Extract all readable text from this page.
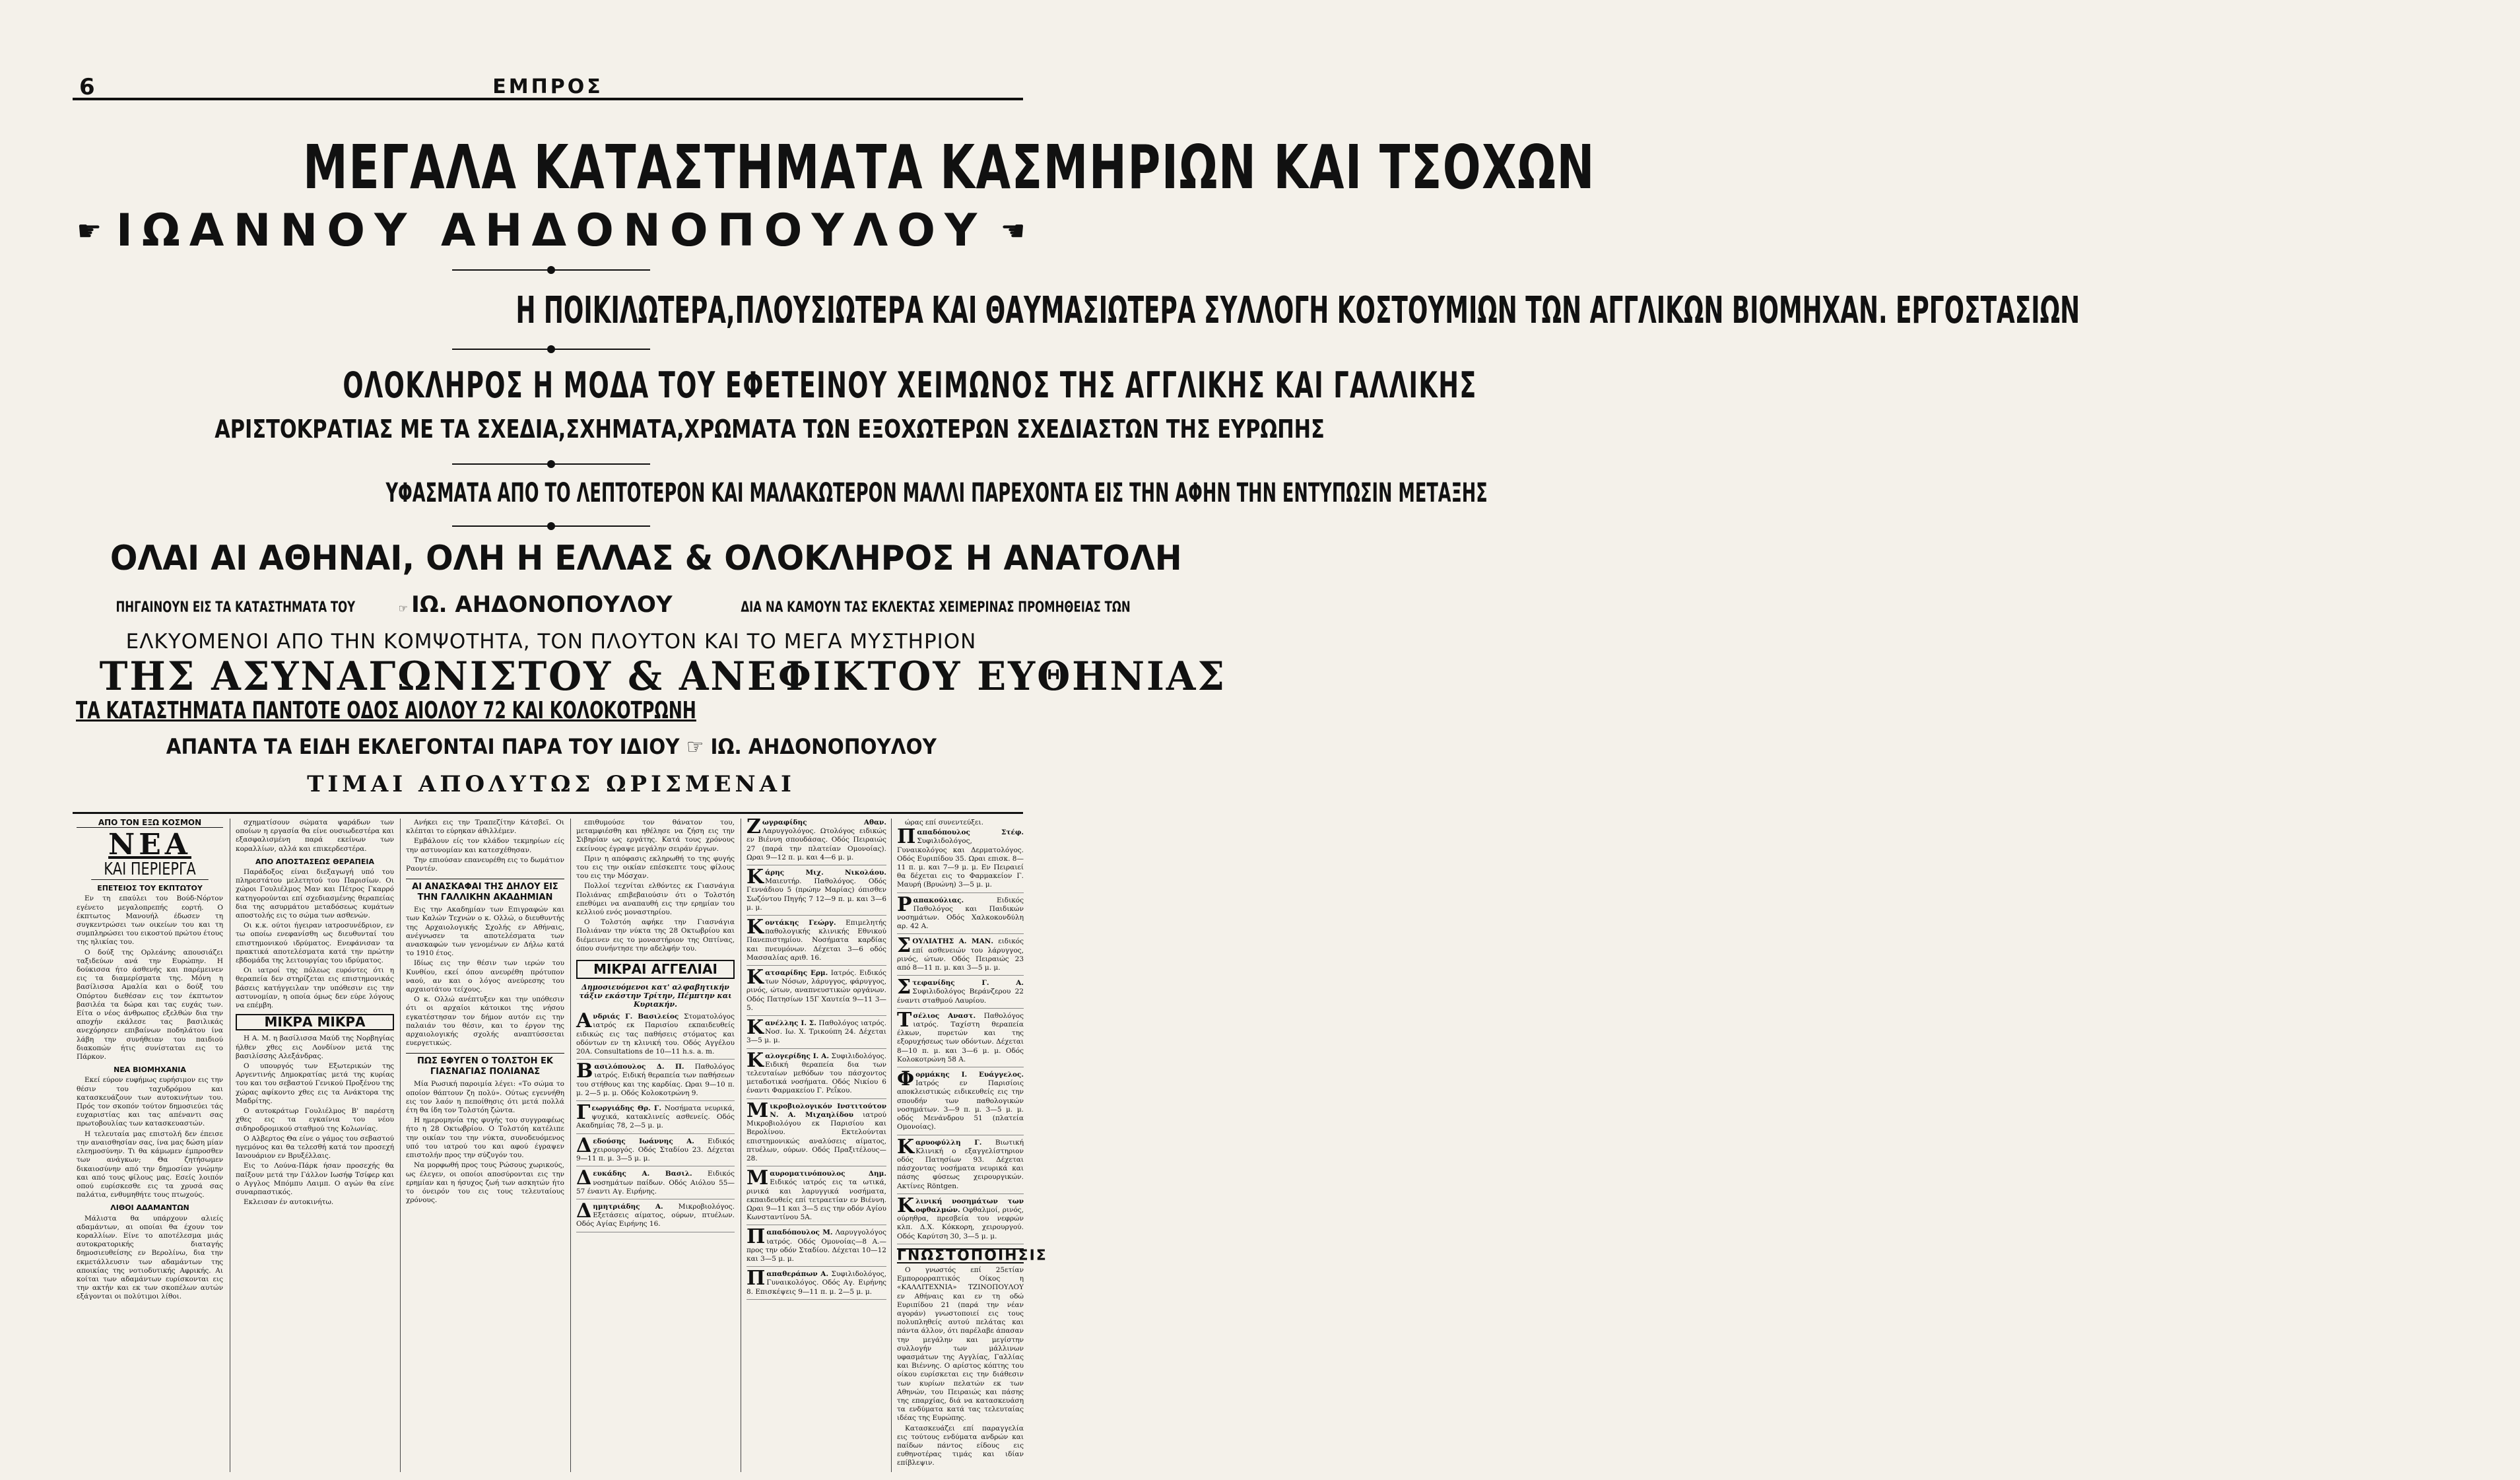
6	ΕΜΠΡΟΣ
ΜΕΓΑΛΑ ΚΑΤΑΣΤΗΜΑΤΑ ΚΑΣΜΗΡΙΩΝ ΚΑΙ ΤΣΟΧΩΝ
☛ ΙΩΑΝΝΟΥ ΑΗΔΟΝΟΠΟΥΛΟΥ ☚
Η ΠΟΙΚΙΛΩΤΕΡΑ,ΠΛΟΥΣΙΩΤΕΡΑ ΚΑΙ ΘΑΥΜΑΣΙΩΤΕΡΑ ΣΥΛΛΟΓΗ ΚΟΣΤΟΥΜΙΩΝ ΤΩΝ ΑΓΓΛΙΚΩΝ ΒΙΟΜΗΧΑΝ. ΕΡΓΟΣΤΑΣΙΩΝ
ΟΛΟΚΛΗΡΟΣ Η ΜΟΔΑ ΤΟΥ ΕΦΕΤΕΙΝΟΥ ΧΕΙΜΩΝΟΣ ΤΗΣ ΑΓΓΛΙΚΗΣ ΚΑΙ ΓΑΛΛΙΚΗΣ
ΑΡΙΣΤΟΚΡΑΤΙΑΣ ΜΕ ΤΑ ΣΧΕΔΙΑ,ΣΧΗΜΑΤΑ,ΧΡΩΜΑΤΑ ΤΩΝ ΕΞΟΧΩΤΕΡΩΝ ΣΧΕΔΙΑΣΤΩΝ ΤΗΣ ΕΥΡΩΠΗΣ
ΥΦΑΣΜΑΤΑ ΑΠΟ ΤΟ ΛΕΠΤΟΤΕΡΟΝ ΚΑΙ ΜΑΛΑΚΩΤΕΡΟΝ ΜΑΛΛΙ ΠΑΡΕΧΟΝΤΑ ΕΙΣ ΤΗΝ ΑΦΗΝ ΤΗΝ ΕΝΤΥΠΩΣΙΝ ΜΕΤΑΞΗΣ
ΟΛΑΙ ΑΙ ΑΘΗΝΑΙ, ΟΛΗ Η ΕΛΛΑΣ & ΟΛΟΚΛΗΡΟΣ Η ΑΝΑΤΟΛΗ
ΠΗΓΑΙΝΟΥΝ ΕΙΣ ΤΑ ΚΑΤΑΣΤΗΜΑΤΑ ΤΟΥ	☞ ΙΩ. ΑΗΔΟΝΟΠΟΥΛΟΥ	ΔΙΑ ΝΑ ΚΑΜΟΥΝ ΤΑΣ ΕΚΛΕΚΤΑΣ ΧΕΙΜΕΡΙΝΑΣ ΠΡΟΜΗΘΕΙΑΣ ΤΩΝ
ΕΛΚΥΟΜΕΝΟΙ ΑΠΟ ΤΗΝ ΚΟΜΨΟΤΗΤΑ, ΤΟΝ ΠΛΟΥΤΟΝ ΚΑΙ ΤΟ ΜΕΓΑ ΜΥΣΤΗΡΙΟΝ
ΤΗΣ ΑΣΥΝΑΓΩΝΙΣΤΟΥ & ΑΝΕΦΙΚΤΟΥ ΕΥΘΗΝΙΑΣ
ΤΑ ΚΑΤΑΣΤΗΜΑΤΑ ΠΑΝΤΟΤΕ ΟΔΟΣ ΑΙΟΛΟΥ 72 ΚΑΙ ΚΟΛΟΚΟΤΡΩΝΗ
ΑΠΑΝΤΑ ΤΑ ΕΙΔΗ ΕΚΛΕΓΟΝΤΑΙ ΠΑΡΑ ΤΟΥ ΙΔΙΟΥ ☞ ΙΩ. ΑΗΔΟΝΟΠΟΥΛΟΥ
ΤΙΜΑΙ ΑΠΟΛΥΤΩΣ ΩΡΙΣΜΕΝΑΙ
ΑΠΟ ΤΟΝ ΕΞΩ ΚΟΣΜΟΝ
ΝΕΑ
ΚΑΙ ΠΕΡΙΕΡΓΑ
ΕΠΕΤΕΙΟΣ ΤΟΥ ΕΚΠΤΩΤΟΥ

Εν τη επαύλει του Βούδ-Νόρτον εγένετο μεγαλοπρεπής εορτή. Ο έκπτωτος Μανουήλ έδωσεν τη συγκεντρώσει των οικείων του και τη συμπληρώσει του εικοστού πρώτου έτους της ηλικίας του.

Ο δούξ της Ορλεάνης απουσιάζει ταξιδεύων ανά την Ευρώπην. Η δούκισσα ήτο άσθενής και παρέμεινεν εις τα διαμερίσματα της. Μόνη η βασίλισσα Αμαλία και ο δούξ του Οπόρτου διεθέσαν εις τον έκπτωτον βασιλέα τα δώρα και τας ευχάς των. Είτα ο νέος άνθρωπος εξελθών δια την αποχήν εκάλεσε τας βασιλικάς ανεχόρησεν επιβαίνων ποδηλάτου ίνα λάβη την συνήθειαν του παιδιού διακοπών ήτις συνίσταται εις το Πάρκον.

ΝΕΑ ΒΙΟΜΗΧΑΝΙΑ

Εκεί εύρον ευφήμως ευρήσιμον εις την θέσιν του ταχυδρόμου και κατασκευάζουν των αυτοκινήτων του. Πρός τον σκοπόν τούτον δημοσιεύει τάς ευχαριστίας και τας απέναντι σας πρωτοβουλίας των κατασκευαστών.

Η τελευταία μας επιστολή δεν έπεισε την αναισθησίαν σας, ίνα μας δώση μίαν ελεημοσύνην. Τι θα κάμωμεν έμπροσθεν των ανάγκων; Θα ζητήσωμεν δικαιοσύνην από την δημοσίαν γνώμην και από τους φίλους μας. Εσείς λοιπόν οπού ευρίσκεσθε εις τα χρυσά σας παλάτια, ενθυμηθήτε τους πτωχούς.

ΛΙΘΟΙ ΑΔΑΜΑΝΤΩΝ

Μάλιστα θα υπάρχουν αλιείς αδαμάντων, αι οποίαι θα έχουν τον κοραλλίων. Είνε το αποτέλεσμα μιάς αυτοκρατορικής διαταγής δημοσιευθείσης εν Βερολίνω, δια την εκμετάλλευσιν των αδαμάντων της αποικίας της νοτιοδυτικής Αφρικής. Αι κοίται των αδαμάντων ευρίσκονται εις την ακτήν και εκ των σκοπέλων αυτών εξάγονται οι πολύτιμοι λίθοι.

σχηματίσουν σώματα ψαράδων των οποίων η εργασία θα είνε ουσιωδεστέρα και εξασφαλισμένη παρά εκείνων των κοραλλίων, αλλά και επικερδεστέρα.

ΑΠΟ ΑΠΟΣΤΑΣΕΩΣ ΘΕΡΑΠΕΙΑ

Παράδοξος είναι διεξαγωγή υπό του πληρεστάτου μελετητού του Παρισίων. Οι χώροι Γουλιέλμος Μαν και Πέτρος Γκαρρό κατηγορούνται επί σχεδιασμένης θεραπείας δια της ασυρμάτου μεταδόσεως κυμάτων αποστολής εις το σώμα των ασθενών.

Οι κ.κ. ούτοι ήγειραν ιατροσυνέδριον, εν τω οποίω ενεφανίσθη ως διευθυνταί του επιστημονικού ιδρύματος. Ενεφάνισαν τα πρακτικά αποτελέσματα κατά την πρώτην εβδομάδα της λειτουργίας του ιδρύματος.

Οι ιατροί της πόλεως ευρόντες ότι η θεραπεία δεν στηρίζεται εις επιστημονικάς βάσεις κατήγγειλαν την υπόθεσιν εις την αστυνομίαν, η οποία όμως δεν εύρε λόγους να επέμβη.

ΜΙΚΡΑ ΜΙΚΡΑ

Η Α. Μ. η βασίλισσα Μαύδ της Νορβηγίας ήλθεν χθες εις Λονδίνον μετά της βασιλίσσης Αλεξάνδρας.

Ο υπουργός των Εξωτερικών της Αργεντινής Δημοκρατίας μετά της κυρίας του και του σεβαστού Γενικού Προξένου της χώρας αφίκοντο χθες εις τα Ανάκτορα της Μαδρίτης.

Ο αυτοκράτωρ Γουλιέλμος Β' παρέστη χθες εις τα εγκαίνια του νέου σιδηροδρομικού σταθμού της Κολωνίας.

Ο Αλβερτος Θα είνε ο γάμος του σεβαστού ηγεμόνος και θα τελεσθή κατά τον προσεχή Ιανουάριον εν Βρυξέλλαις.

Εις το Λούνα-Πάρκ ήσαν προσεχής θα παίξουν μετά την Γάλλον Ιωσήφ Τσίφερ και ο Αγγλος Μπόμπυ Λαιμπ. Ο αγών θα είνε συναρπαστικός.

Εκλεισαν έν αυτοκινήτω.

Ανήκει εις την Τραπεζίτην Κάτσβεϊ. Οι κλέπται το εύρηκαν άθιλλέμεν.

Εμβάλουν είς τον κλάδον τεκμηρίων είς την αστυνομίαν και κατεσχέθησαν.

Την επιούσαν επανευρέθη εις το δωμάτιον Ραοντέν.

ΑΙ ΑΝΑΣΚΑΦΑΙ ΤΗΣ ΔΗΛΟΥ ΕΙΣ ΤΗΝ ΓΑΛΛΙΚΗΝ ΑΚΑΔΗΜΙΑΝ

Εις την Ακαδημίαν των Επιγραφών και των Καλών Τεχνών ο κ. Ολλώ, ο διευθυντής της Αρχαιολογικής Σχολής εν Αθήναις, ανέγνωσεν τα αποτελέσματα των ανασκαφών των γενομένων εν Δήλω κατά το 1910 έτος.

Ιδίως εις την θέσιν των ιερών του Κυνθίου, εκεί όπου ανευρέθη πρότυπον ναού, αν και ο λόγος ανεύρεσης του αρχαιοτάτου τείχους.

Ο κ. Ολλώ ανέπτυξεν και την υπόθεσιν ότι οι αρχαίοι κάτοικοι της νήσου εγκατέστησαν τον δήμον αυτόν εις την παλαιάν του θέσιν, και το έργον της αρχαιολογικής σχολής αναπτύσσεται ευεργετικώς.

ΠΩΣ ΕΦΥΓΕΝ Ο ΤΟΛΣΤΟΗ ΕΚ ΓΙΑΣΝΑΓΙΑΣ ΠΟΛΙΑΝΑΣ

Μία Ρωσική παροιμία λέγει: «Το σώμα το οποίον θάπτουν ζη πολύ». Ούτως εγεννήθη εις τον λαόν η πεποίθησις ότι μετά πολλά έτη θα ίδη τον Τολστόη ζώντα.

Η ημερομηνία της φυγής του συγγραφέως ήτο η 28 Οκτωβρίου. Ο Τολστόη κατέλιπε την οικίαν του την νύκτα, συνοδευόμενος υπό του ιατρού του και αφού έγραψεν επιστολήν προς την σύζυγόν του.

Να μορφωθή προς τους Ρώσους χωρικούς, ως έλεγεν, οι οποίοι αποσύρονται εις την ερημίαν και η ήσυχος ζωή των ασκητών ήτο το όνειρόν του εις τους τελευταίους χρόνους.

επιθυμούσε τον θάνατον του, μεταμφιέσθη και ηθέλησε να ζήση εις την Σιβηρίαν ως εργάτης. Κατά τους χρόνους εκείνους έγραψε μεγάλην σειράν έργων.

Πριν η απόφασις εκληρωθή το της φυγής του εις την οικίαν επέσκεπτε τους φίλους του εις την Μόσχαν.

Πολλοί τεχνίται ελθόντες εκ Γιασνάγια Πολιάνας επιβεβαιούσιν ότι ο Τολστόη επεθύμει να αναπαυθή εις την ερημίαν του κελλιού ενός μοναστηρίου.

Ο Τολστόη αφήκε την Γιασνάγια Πολιάναν την νύκτα της 28 Οκτωβρίου και διέμεινεν εις το μοναστήριον της Οπτίνας, όπου συνήντησε την αδελφήν του.

ΜΙΚΡΑΙ ΑΓΓΕΛΙΑΙ
Δημοσιευόμενοι κατ' αλφαβητικήν τάξιν εκάστην Τρίτην, Πέμπτην και Κυριακήν.
Ανδριάς Γ. Βασιλείος Στοματολόγος ιατρός εκ Παρισίου εκπαιδευθείς ειδικώς εις τας παθήσεις στόματος και οδόντων εν τη κλινική του. Οδός Αγγέλου 20Α. Consultations de 10—11 h.s. a. m.
Βασιλόπουλος Δ. Π. Παθολόγος ιατρός. Ειδική θεραπεία των παθήσεων του στήθους και της καρδίας. Ωραι 9—10 π. μ. 2—5 μ. μ. Οδός Κολοκοτρώνη 9.
Γεωργιάδης Θρ. Γ. Νοσήματα νευρικά, ψυχικά, κατακλινείς ασθενείς. Οδός Ακαδημίας 78, 2—5 μ. μ.
Δεδούσης Ιωάννης Α. Ειδικός χειρουργός. Οδός Σταδίου 23. Δέχεται 9—11 π. μ. 3—5 μ. μ.
Δευκάδης Α. Βασιλ. Ειδικός νοσημάτων παίδων. Οδός Αιόλου 55—57 έναντι Αγ. Ειρήνης.
Δημητριάδης Α. Μικροβιολόγος. Εξετάσεις αίματος, ούρων, πτυέλων. Οδός Αγίας Ειρήνης 16.
Ζωγραφίδης Αθαν. Λαρυγγολόγος. Ωτολόγος ειδικώς εν Βιέννη σπουδάσας. Οδός Πειραιώς 27 (παρά την πλατείαν Ομονοίας). Ωραι 9—12 π. μ. και 4—6 μ. μ.
Κάρης Μιχ. Νικολάου. Μαιευτήρ. Παθολόγος. Οδός Γεννάδιου 5 (πρώην Μαρίας) όπισθεν Σωζόντου Πηγής 7 12—9 π. μ. και 3—6 μ. μ.
Κοντάκης Γεώργ. Επιμελητής παθολογικής κλινικής Εθνικού Πανεπιστημίου. Νοσήματα καρδίας και πνευμόνων. Δέχεται 3—6 οδός Μασσαλίας αριθ. 16.
Κατσαρίδης Ερμ. Ιατρός. Ειδικός των Νόσων, λάρυγγος, φάρυγγος, ρινός, ώτων, αναπνευστικών οργάνων. Οδός Πατησίων 15Γ Χαυτεία 9—11 3—5.
Κανέλλης Ι. Σ. Παθολόγος ιατρός. Νοσ. Ιω. Χ. Τρικούπη 24. Δέχεται 3—5 μ. μ.
Καλογερίδης Ι. Α. Συφιλιδολόγος. Ειδική θεραπεία δια των τελευταίων μεθόδων του πάσχοντος μεταδοτικά νοσήματα. Οδός Νικίου 6 έναντι Φαρμακείου Γ. Ρεΐκου.
Μικροβιολογικόν Ινστιτούτον Ν. Α. Μιχαηλίδου ιατρού Μικροβιολόγου εκ Παρισίου και Βερολίνου. Εκτελούνται επιστημονικώς αναλύσεις αίματος, πτυέλων, ούρων. Οδός Πραξιτέλους—28.
Μαυροματινόπουλος Δημ. Ειδικός ιατρός εις τα ωτικά, ρινικά και λαρυγγικά νοσήματα, εκπαιδευθείς επί τετραετίαν εν Βιέννη. Ωραι 9—11 και 3—5 εις την οδόν Αγίου Κωνσταντίνου 5Α.
Παπαδόπουλος Μ. Λαρυγγολόγος ιατρός. Οδός Ομονοίας—8 Α.—προς την οδόν Σταδίου. Δέχεται 10—12 και 3—5 μ. μ.
Παπαθεράπων Α. Συφιλιδολόγος, Γυναικολόγος. Οδός Αγ. Ειρήνης 8. Επισκέψεις 9—11 π. μ. 2—5 μ. μ.

ώρας επί συνεντεύξει.

Παπαδόπουλος Στέφ. Συφιλιδολόγος, Γυναικολόγος και Δερματολόγος. Οδός Ευριπίδου 35. Ωραι επισκ. 8—11 π. μ. και 7—9 μ. μ. Εν Πειραιεί θα δέχεται εις το Φαρμακείον Γ. Μαυρή (Βρυώνη) 3—5 μ. μ.
Ραπακούλιας.	Ειδικός Παθολόγος και Παιδικών νοσημάτων. Οδός Χαλκοκονδύλη αρ. 42 Α.
ΣΟΥΛΙΑΤΗΣ Α. ΜΑΝ. ειδικός επί ασθενειών του λάρυγγος, ρινός, ώτων. Οδός Πειραιώς 23 από 8—11 π. μ. και 3—5 μ. μ.
Στεφανίδης Γ. Α. Συφιλιδολόγος Βεράνζερου 22 έναντι σταθμού Λαυρίου.
Τσέλιος Αναστ. Παθολόγος ιατρός. Ταχίστη θεραπεία έλκων, πυρετών και της εξορυχήσεως των οδόντων. Δέχεται 8—10 π. μ. και 3—6 μ. μ. Οδός Κολοκοτρώνη 58 Α.
Φορμάκης Ι. Ευάγγελος. Ιατρός εν Παρισίοις αποκλειστικώς ειδικευθείς εις την σπουδήν των παθολογικών νοσημάτων. 3—9 π. μ. 3—5 μ. μ. οδός Μενάνδρου 51 (πλατεία Ομονοίας).
Καρυοφύλλη Γ. Βιωτική Κλινική ο εξαγγελίστηριον οδός Πατησίων 93. Δέχεται πάσχοντας νοσήματα νευρικά και πάσης φύσεως χειρουργικών. Ακτίνες Röntgen.
Κλινική νοσημάτων των οφθαλμών. Οφθαλμοί, ρινός, ούρηθρα, πρεσβεία του νεφρών κλπ. Δ.Χ. Κόκκορη, χειρουργού. Οδός Καρύτση 30, 3—5 μ. μ.
ΓΝΩΣΤΟΠΟΙΗΣΙΣ

Ο γνωστός επί 25ετίαν Εμπορορραπτικός Οίκος η «ΚΑΛΛΙΤΕΧΝΙΑ» ΤΖΙΝΟΠΟΥΛΟΥ εν Αθήναις και εν τη οδώ Ευριπίδου 21 (παρά την νέαν αγοράν) γνωστοποιεί εις τους πολυπληθείς αυτού πελάτας και πάντα άλλον, ότι παρέλαβε άπασαν την μεγάλην και μεγίστην συλλογήν των μάλλινων υφασμάτων της Αγγλίας, Γαλλίας και Βιέννης. Ο αρίστος κόπτης του οίκου ευρίσκεται εις την διάθεσιν των κυρίων πελατών εκ των Αθηνών, του Πειραιώς και πάσης της επαρχίας, διά να κατασκευάση τα ενδύματα κατά τας τελευταίας ιδέας της Ευρώπης.

Κατασκευάζει επί παραγγελία εις τούτους ενδύματα ανδρών και παίδων πάντος είδους εις ευθηνοτέρας τιμάς και ιδίαν επίβλεψιν.
